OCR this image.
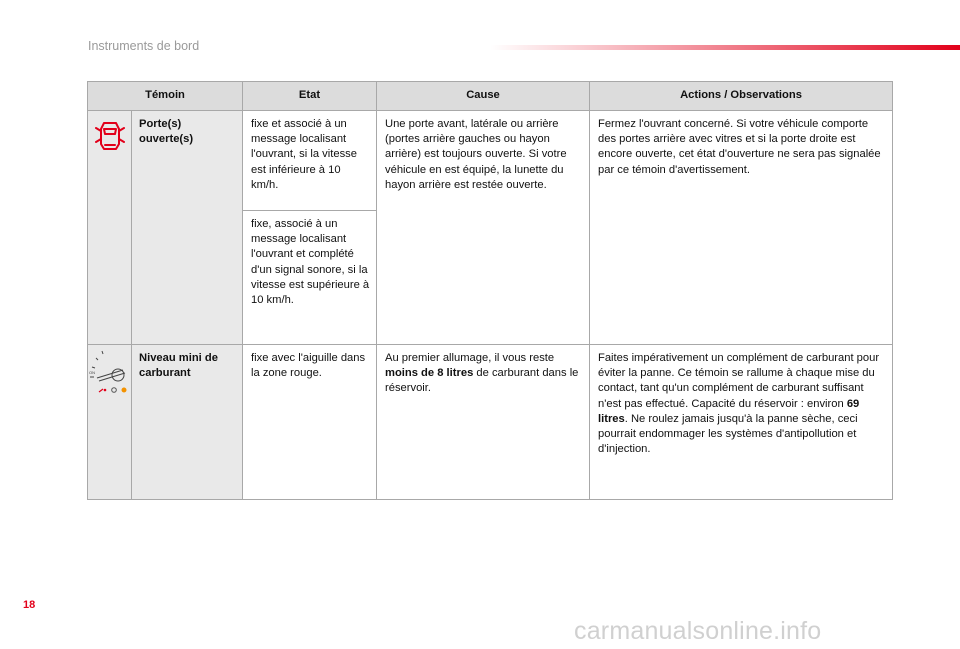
Instruments de bord
Témoin		Etat	Cause	Actions / Observations
	Porte(s) ouverte(s)	fixe et associé à un message localisant l'ouvrant, si la vitesse est inférieure à 10 km/h.	Une porte avant, latérale ou arrière (portes arrière gauches ou hayon arrière) est toujours ouverte. Si votre véhicule en est équipé, la lunette du hayon arrière est restée ouverte.	Fermez l'ouvrant concerné. Si votre véhicule comporte des portes arrière avec vitres et si la porte droite est encore ouverte, cet état d'ouverture ne sera pas signalée par ce témoin d'avertissement.
		fixe, associé à un message localisant l'ouvrant et complété d'un signal sonore, si la vitesse est supérieure à 10 km/h.		

ON	Niveau mini de carburant	fixe avec l'aiguille dans la zone rouge.	Au premier allumage, il vous reste moins de 8 litres de carburant dans le réservoir.	Faites impérativement un complément de carburant pour éviter la panne. Ce témoin se rallume à chaque mise du contact, tant qu'un complément de carburant suffisant n'est pas effectué. Capacité du réservoir : environ 69 litres. Ne roulez jamais jusqu'à la panne sèche, ceci pourrait endommager les systèmes d'antipollution et d'injection.
18
carmanualsonline.info
